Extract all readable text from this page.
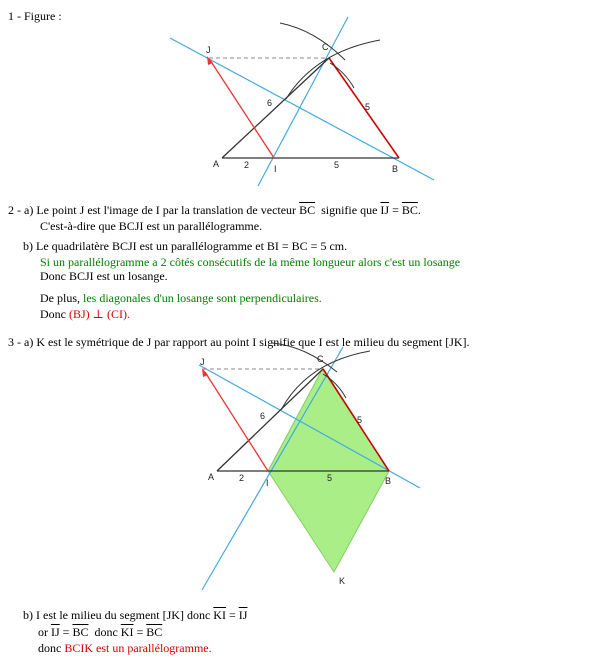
1 - Figure :
J	C
A	I	B
6	5
2	5
2 - a) Le point J est l'image de I par la translation de vecteur $\overline{BC}$ signifie que $\overline{IJ} = \overline{BC}$.
C'est-à-dire que BCJI est un parallélogramme.
b) Le quadrilatère BCJI est un parallélogramme et BI = BC = 5 cm.
Si un parallélogramme a 2 côtés consécutifs de la même longueur alors c'est un losange
Donc BCJI est un losange.
De plus, les diagonales d'un losange sont perpendiculaires.
Donc (BJ) ⊥ (CI).
3 - a) K est le symétrique de J par rapport au point I signifie que I est le milieu du segment [JK].
J	C
A
I	B
K
6	5
2	5
b) I est le milieu du segment [JK] donc $\overline{KI} = \overline{IJ}$
or $\overline{IJ} = \overline{BC}$ donc $\overline{KI} = \overline{BC}$
donc BCIK est un parallélogramme.
